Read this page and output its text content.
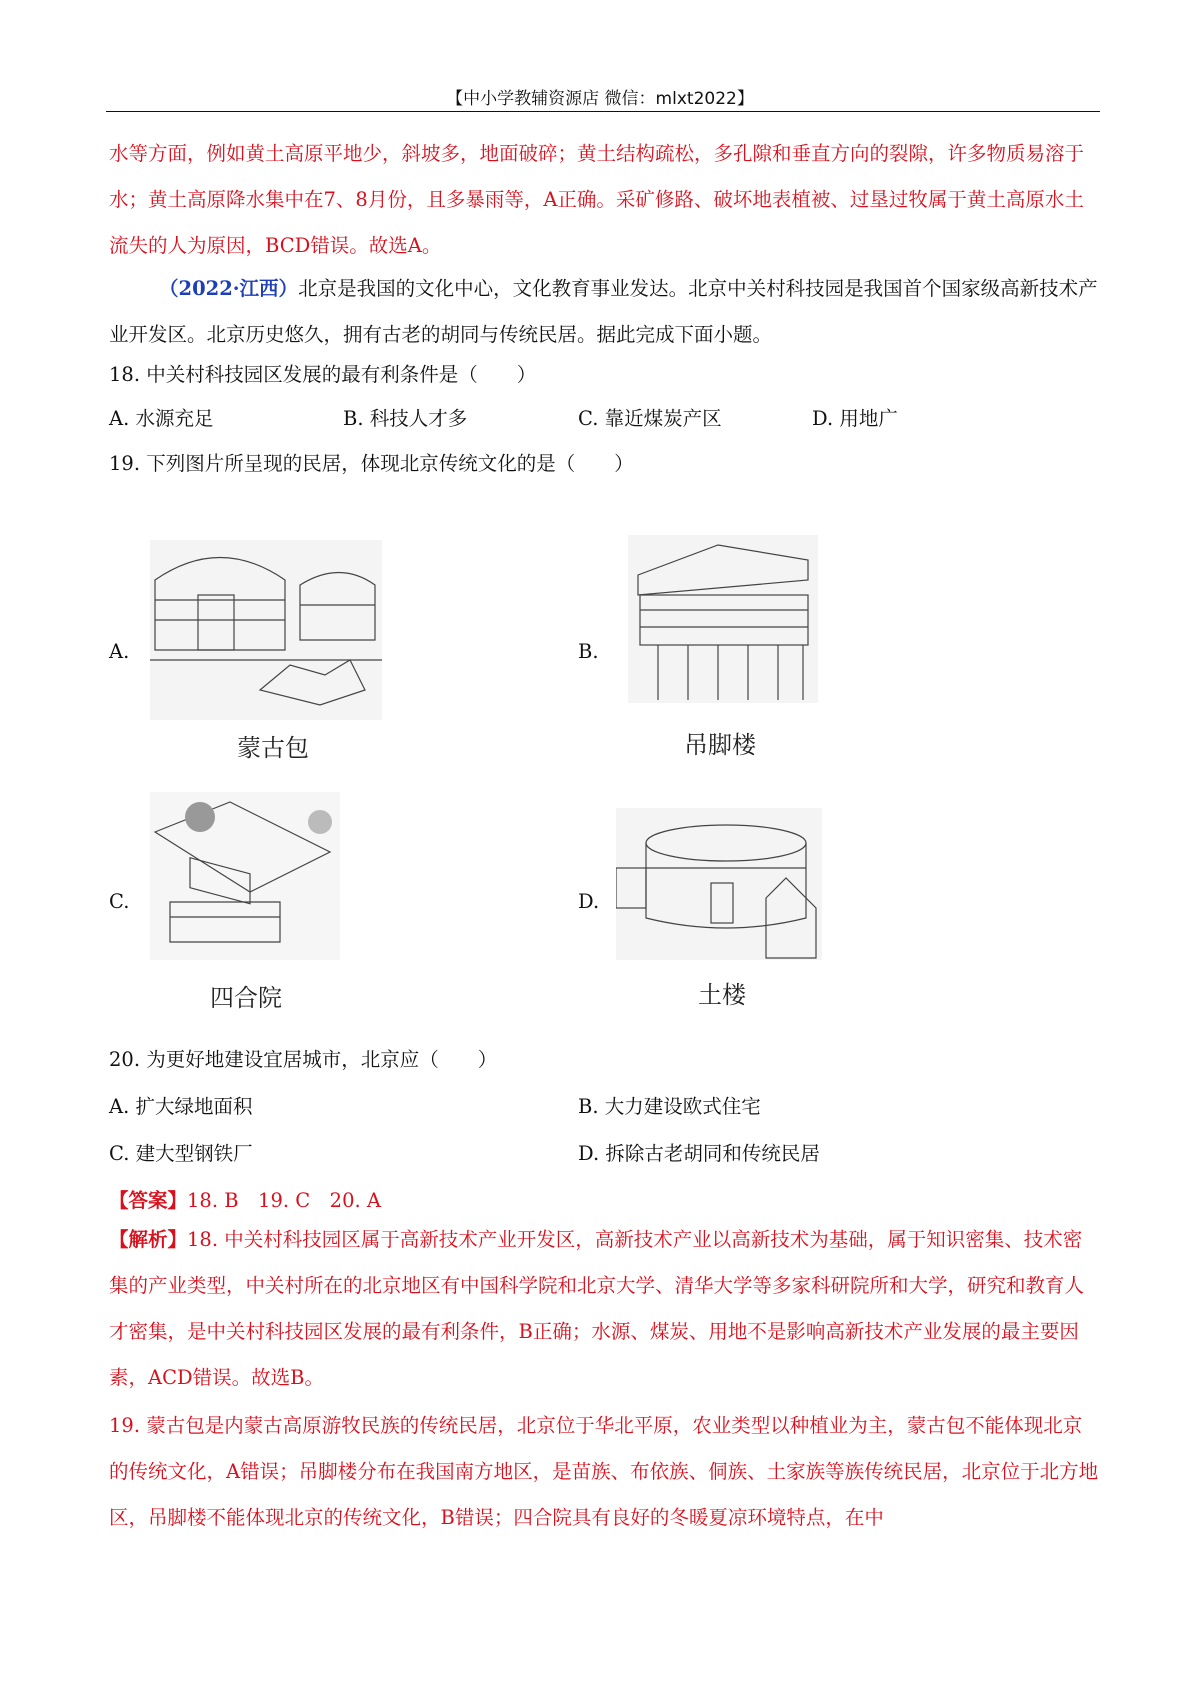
【中小学教辅资源店 微信：mlxt2022】

水等方面，例如黄土高原平地少，斜坡多，地面破碎；黄土结构疏松，多孔隙和垂直方向的裂隙，许多物质易溶于水；黄土高原降水集中在7、8月份，且多暴雨等，A正确。采矿修路、破坏地表植被、过垦过牧属于黄土高原水土流失的人为原因，BCD错误。故选A。

（2022·江西）北京是我国的文化中心，文化教育事业发达。北京中关村科技园是我国首个国家级高新技术产业开发区。北京历史悠久，拥有古老的胡同与传统民居。据此完成下面小题。

18. 中关村科技园区发展的最有利条件是（　　）
A. 水源充足	B. 科技人才多	C. 靠近煤炭产区	D. 用地广
19. 下列图片所呈现的民居，体现北京传统文化的是（　　）
A.
蒙古包
B.
吊脚楼
C.
四合院
D.
土楼
20. 为更好地建设宜居城市，北京应（　　）
A. 扩大绿地面积	B. 大力建设欧式住宅
C. 建大型钢铁厂	D. 拆除古老胡同和传统民居
【答案】18. B　19. C　20. A

【解析】18. 中关村科技园区属于高新技术产业开发区，高新技术产业以高新技术为基础，属于知识密集、技术密集的产业类型，中关村所在的北京地区有中国科学院和北京大学、清华大学等多家科研院所和大学，研究和教育人才密集，是中关村科技园区发展的最有利条件，B正确；水源、煤炭、用地不是影响高新技术产业发展的最主要因素，ACD错误。故选B。

19. 蒙古包是内蒙古高原游牧民族的传统民居，北京位于华北平原，农业类型以种植业为主，蒙古包不能体现北京的传统文化，A错误；吊脚楼分布在我国南方地区，是苗族、布依族、侗族、土家族等族传统民居，北京位于北方地区，吊脚楼不能体现北京的传统文化，B错误；四合院具有良好的冬暖夏凉环境特点，在中
